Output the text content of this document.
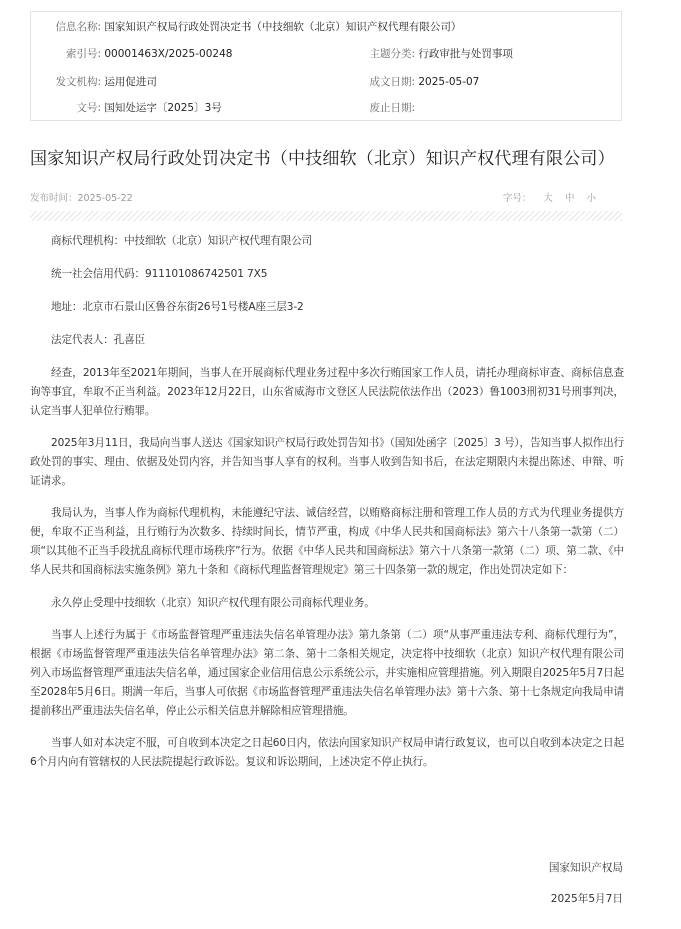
信息名称: 国家知识产权局行政处罚决定书（中技细软（北京）知识产权代理有限公司）
索引号: 00001463X/2025-00248	主题分类: 行政审批与处罚事项
发文机构: 运用促进司	成文日期: 2025-05-07
文号: 国知处运字〔2025〕3号	废止日期:
国家知识产权局行政处罚决定书（中技细软（北京）知识产权代理有限公司）
发布时间：2025-05-22	字号： 大 中 小

商标代理机构：中技细软（北京）知识产权代理有限公司

统一社会信用代码：911101086742501 7X5

地址：北京市石景山区鲁谷东街26号1号楼A座三层3-2

法定代表人：孔喜臣

经查，2013年至2021年期间，当事人在开展商标代理业务过程中多次行贿国家工作人员，请托办理商标审查、商标信息查询等事宜，牟取不正当利益。2023年12月22日，山东省威海市文登区人民法院依法作出（2023）鲁1003刑初31号刑事判决，认定当事人犯单位行贿罪。

2025年3月11日，我局向当事人送达《国家知识产权局行政处罚告知书》（国知处函字〔2025〕3 号），告知当事人拟作出行政处罚的事实、理由、依据及处罚内容，并告知当事人享有的权利。当事人收到告知书后，在法定期限内未提出陈述、申辩、听证请求。

我局认为，当事人作为商标代理机构，未能遵纪守法、诚信经营，以贿赂商标注册和管理工作人员的方式为代理业务提供方便，牟取不正当利益，且行贿行为次数多、持续时间长，情节严重，构成《中华人民共和国商标法》第六十八条第一款第（二）项“以其他不正当手段扰乱商标代理市场秩序”行为。依据《中华人民共和国商标法》第六十八条第一款第（二）项、第二款、《中华人民共和国商标法实施条例》第九十条和《商标代理监督管理规定》第三十四条第一款的规定，作出处罚决定如下：

永久停止受理中技细软（北京）知识产权代理有限公司商标代理业务。

当事人上述行为属于《市场监督管理严重违法失信名单管理办法》第九条第（二）项“从事严重违法专利、商标代理行为”，根据《市场监督管理严重违法失信名单管理办法》第二条、第十二条相关规定，决定将中技细软（北京）知识产权代理有限公司列入市场监督管理严重违法失信名单，通过国家企业信用信息公示系统公示，并实施相应管理措施。列入期限自2025年5月7日起至2028年5月6日。期满一年后，当事人可依据《市场监督管理严重违法失信名单管理办法》第十六条、第十七条规定向我局申请提前移出严重违法失信名单，停止公示相关信息并解除相应管理措施。

当事人如对本决定不服，可自收到本决定之日起60日内，依法向国家知识产权局申请行政复议，也可以自收到本决定之日起6个月内向有管辖权的人民法院提起行政诉讼。复议和诉讼期间，上述决定不停止执行。

国家知识产权局
2025年5月7日
